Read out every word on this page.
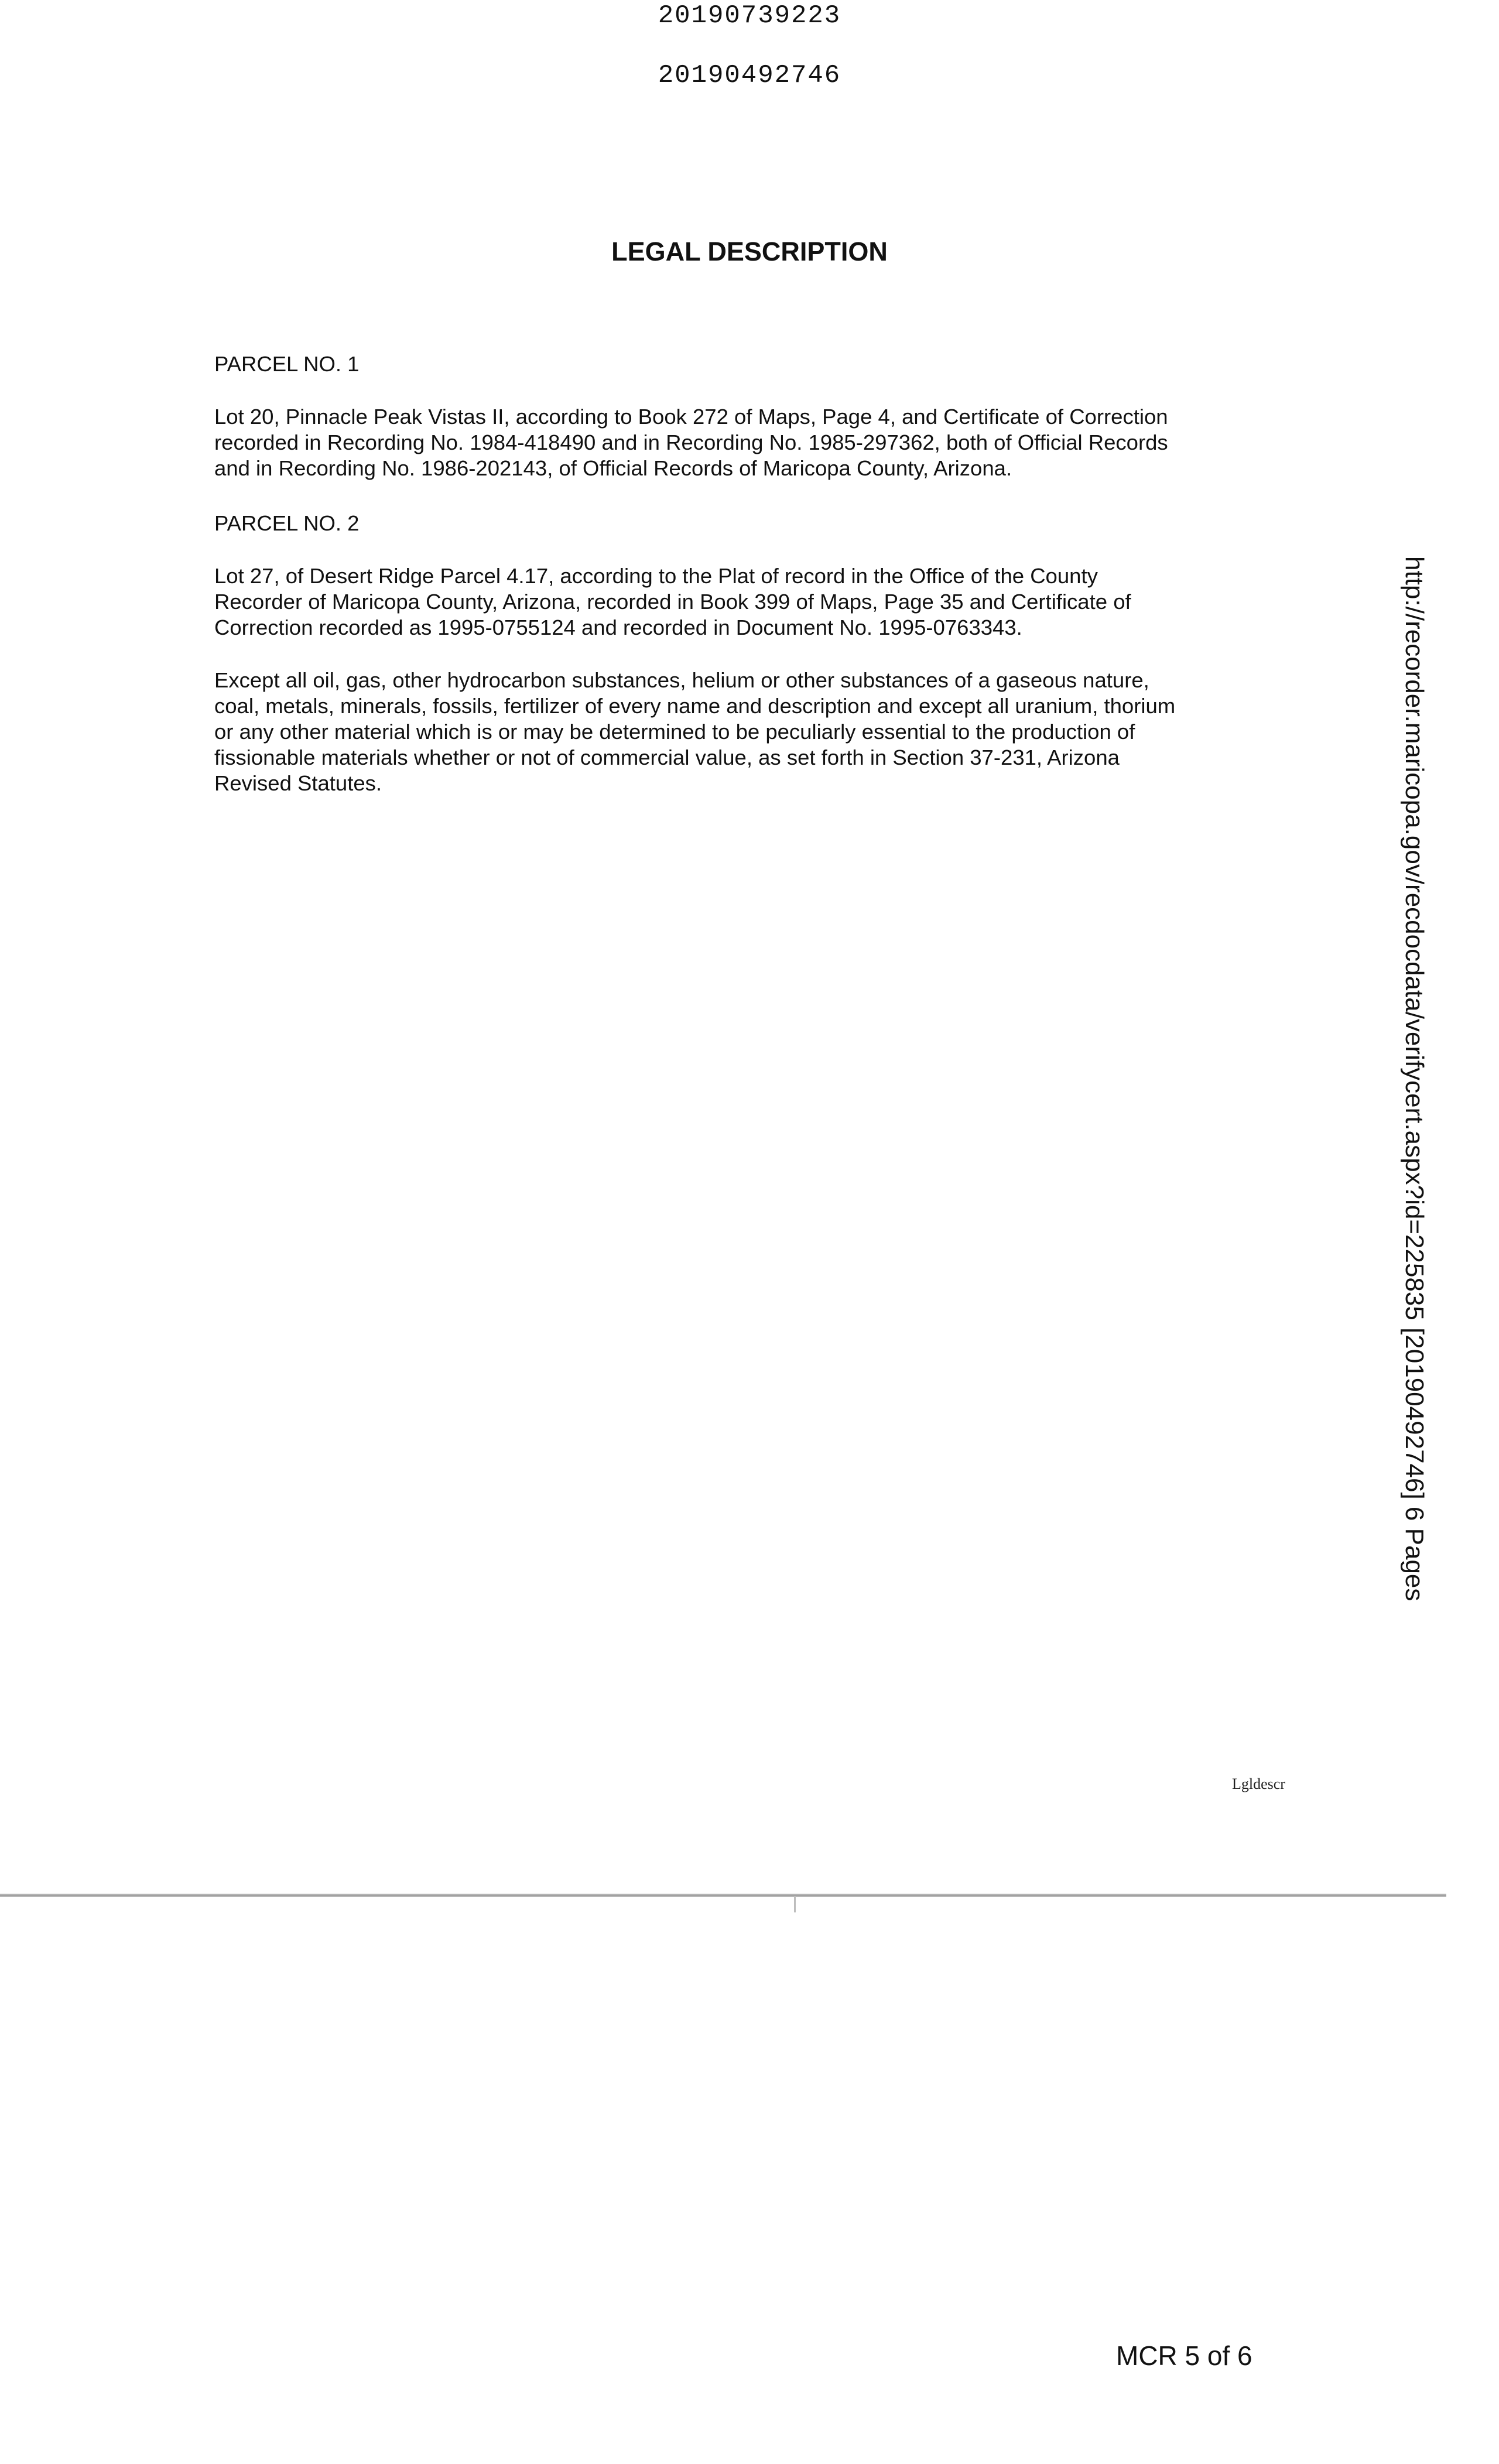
20190739223
20190492746
LEGAL DESCRIPTION

PARCEL NO. 1

Lot 20, Pinnacle Peak Vistas II, according to Book 272 of Maps, Page 4, and Certificate of Correction
recorded in Recording No. 1984-418490 and in Recording No. 1985-297362, both of Official Records
and in Recording No. 1986-202143, of Official Records of Maricopa County, Arizona.

PARCEL NO. 2

Lot 27, of Desert Ridge Parcel 4.17, according to the Plat of record in the Office of the County
Recorder of Maricopa County, Arizona, recorded in Book 399 of Maps, Page 35 and Certificate of
Correction recorded as 1995-0755124 and recorded in Document No. 1995-0763343.

Except all oil, gas, other hydrocarbon substances, helium or other substances of a gaseous nature,
coal, metals, minerals, fossils, fertilizer of every name and description and except all uranium, thorium
or any other material which is or may be determined to be peculiarly essential to the production of
fissionable materials whether or not of commercial value, as set forth in Section 37-231, Arizona
Revised Statutes.	http://recorder.maricopa.gov/recdocdata/verifycert.aspx?id=225835 [20190492746] 6 Pages
Lgldescr
MCR 5 of 6
